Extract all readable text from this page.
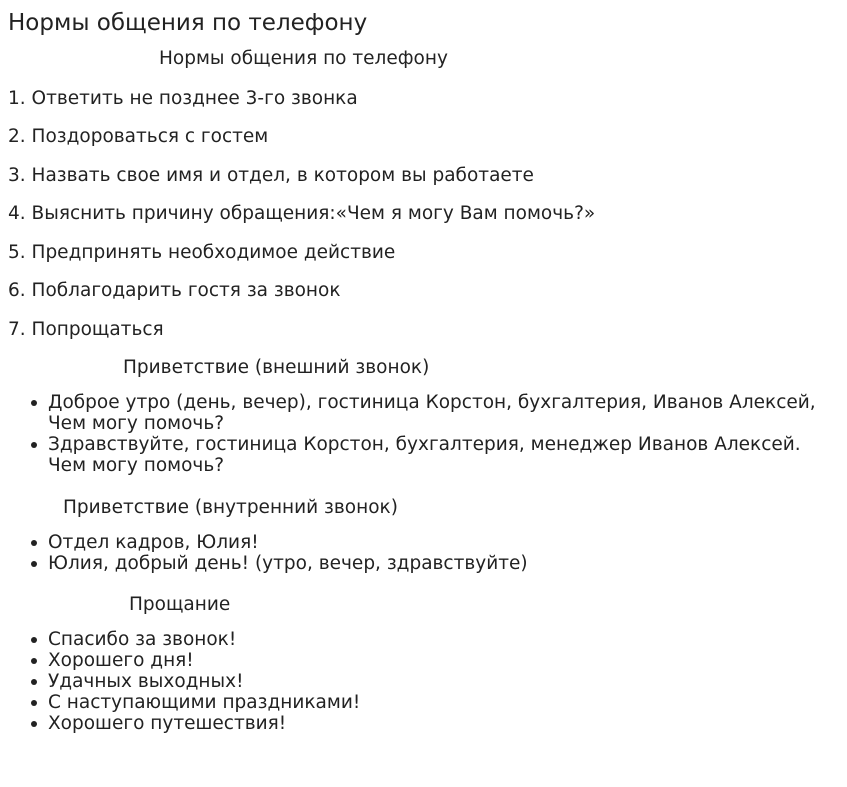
Нормы общения по телефону

Нормы общения по телефону

1. Ответить не позднее 3-го звонка

2. Поздороваться с гостем

3. Назвать свое имя и отдел, в котором вы работаете

4. Выяснить причину обращения:«Чем я могу Вам помочь?»

5. Предпринять необходимое действие

6. Поблагодарить гостя за звонок

7. Попрощаться

Приветствие (внешний звонок)

Доброе утро (день, вечер), гостиница Корстон, бухгалтерия, Иванов Алексей, Чем могу помочь?
Здравствуйте, гостиница Корстон, бухгалтерия, менеджер Иванов Алексей. Чем могу помочь?

Приветствие (внутренний звонок)

Отдел кадров, Юлия!
Юлия, добрый день! (утро, вечер, здравствуйте)

Прощание

Спасибо за звонок!
Хорошего дня!
Удачных выходных!
С наступающими праздниками!
Хорошего путешествия!
